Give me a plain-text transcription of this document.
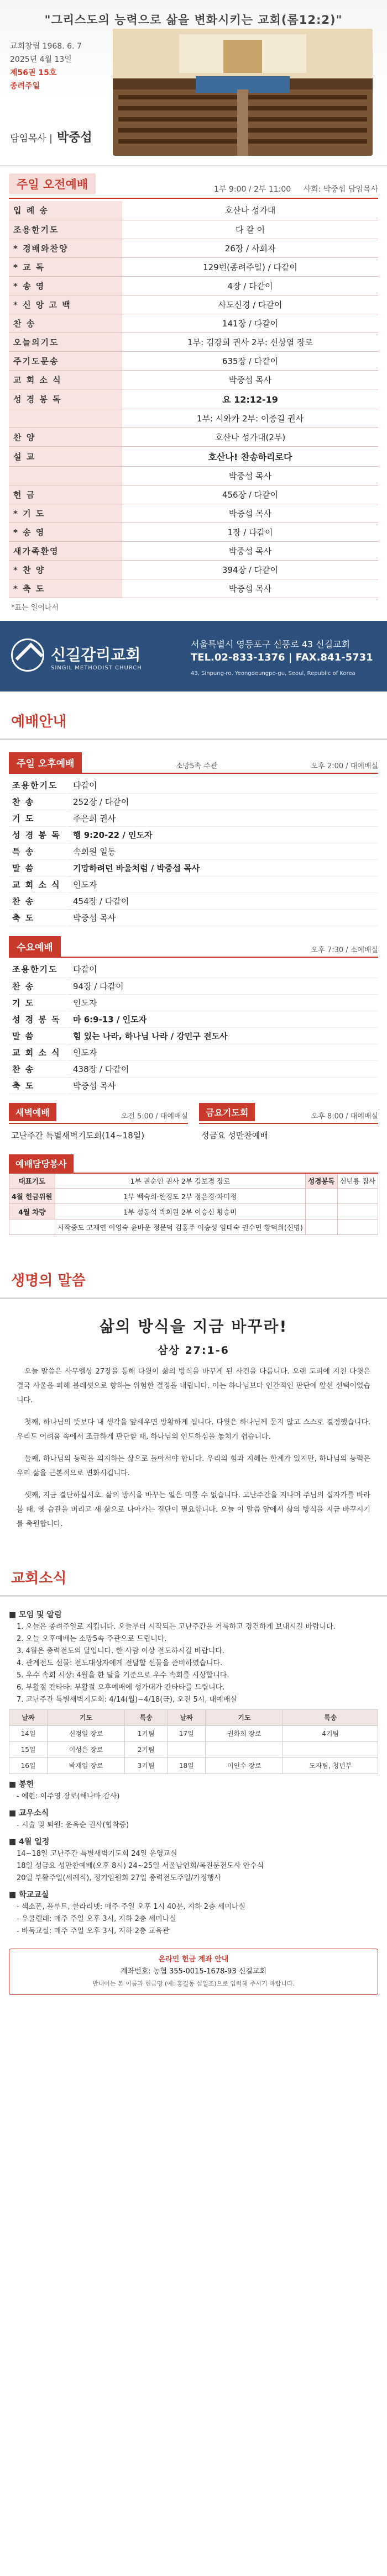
"그리스도의 능력으로 삶을 변화시키는 교회(롬12:2)"
교회창립 1968. 6. 7
2025년 4월 13일
제56권 15호
종려주일
담임목사 | 박중섭
주일 오전예배	1부 9:00 / 2부 11:00 사회: 박중섭 담임목사
입 례 송	호산나 성가대
조용한기도	다 같 이
* 경배와찬양	26장 / 사회자
* 교 독	129번(종려주일) / 다같이
* 송 영	4장 / 다같이
* 신 앙 고 백	사도신경 / 다같이
찬 송	141장 / 다같이
오늘의기도	1부: 김강희 권사 2부: 신상열 장로
주기도문송	635장 / 다같이
교 회 소 식	박중섭 목사
성 경 봉 독	요 12:12-19
	1부: 시와카 2부: 이종길 권사
찬 양	호산나 성가대(2부)
설 교	호산나! 찬송하리로다
	박중섭 목사
헌 금	456장 / 다같이
* 기 도	박중섭 목사
* 송 영	1장 / 다같이
새가족환영	박중섭 목사
* 찬 양	394장 / 다같이
* 축 도	박중섭 목사
*표는 일어나서
신길감리교회
SINGIL METHODIST CHURCH
서울특별시 영등포구 신풍로 43 신길교회
TEL.02-833-1376 | FAX.841-5731
43, Sinpung-ro, Yeongdeungpo-gu, Seoul, Republic of Korea
예배안내
주일 오후예배	소망5속 주관	오후 2:00 / 대예배실
조용한기도	다같이
찬 송	252장 / 다같이
기 도	주은희 권사
성 경 봉 독	행 9:20-22 / 인도자
특 송	속회원 일동
말 씀	기망하려던 바울처럼 / 박중섭 목사
교 회 소 식	인도자
찬 송	454장 / 다같이
축 도	박중섭 목사
수요예배	오후 7:30 / 소예배실
조용한기도	다같이
찬 송	94장 / 다같이
기 도	인도자
성 경 봉 독	마 6:9-13 / 인도자
말 씀	힘 있는 나라, 하나님 나라 / 강민구 전도사
교 회 소 식	인도자
찬 송	438장 / 다같이
축 도	박중섭 목사
새벽예배	오전 5:00 / 대예배실
고난주간 특별새벽기도회(14~18일)
금요기도회	오후 8:00 / 대예배실
성금요 성만찬예배
예배담당봉사
대표기도	1부 권순인 권사 2부 김보경 장로	성경봉독	신년룡 집사
4월 헌금위원	1부 백숙희·한경도 2부 정은경·차미정		
4월 차량	1부 성동석 박희원 2부 이승신 황승미		
	시작중도 고재연 이영숙 윤바운 정문덕 김홍주 이승성 임태숙 권수민 황덕희(신명)		
생명의 말씀
삶의 방식을 지금 바꾸라!
삼상 27:1-6

오늘 말씀은 사무엘상 27장을 통해 다윗이 삶의 방식을 바꾸게 된 사건을 다룹니다. 오랜 도피에 지친 다윗은 결국 사울을 피해 블레셋으로 향하는 위험한 결정을 내립니다. 이는 하나님보다 인간적인 판단에 앞선 선택이었습니다.

첫째, 하나님의 뜻보다 내 생각을 앞세우면 방황하게 됩니다. 다윗은 하나님께 묻지 않고 스스로 결정했습니다. 우리도 어려움 속에서 조급하게 판단할 때, 하나님의 인도하심을 놓치기 쉽습니다.

둘째, 하나님의 능력을 의지하는 삶으로 돌아서야 합니다. 우리의 힘과 지혜는 한계가 있지만, 하나님의 능력은 우리 삶을 근본적으로 변화시킵니다.

셋째, 지금 결단하십시오. 삶의 방식을 바꾸는 일은 미룰 수 없습니다. 고난주간을 지나며 주님의 십자가를 바라볼 때, 옛 습관을 버리고 새 삶으로 나아가는 결단이 필요합니다. 오늘 이 말씀 앞에서 삶의 방식을 지금 바꾸시기를 축원합니다.

교회소식
■ 모임 및 알림
1. 오늘은 종려주일로 지킵니다. 오늘부터 시작되는 고난주간을 거룩하고 경건하게 보내시길 바랍니다.
2. 오늘 오후예배는 소망5속 주관으로 드립니다.
3. 4월은 총력전도의 달입니다. 한 사람 이상 전도하시길 바랍니다.
4. 관계전도 선물: 전도대상자에게 전달할 선물을 준비하였습니다.
5. 우수 속회 시상: 4월을 한 달을 기준으로 우수 속회를 시상합니다.
6. 부활절 칸타타: 부활절 오후예배에 성가대가 칸타타를 드립니다.
7. 고난주간 특별새벽기도회: 4/14(월)~4/18(금), 오전 5시, 대예배실
날짜	기도	특송	날짜	기도	특송
14일	신정일 장로	1기팀	17일	권화희 장로	4기팀
15일	이성은 장로	2기팀			
16일	박재일 장로	3기팀	18일	이인수 장로	도자팀, 청년부
■ 봉헌
- 예헌: 이주영 장로(해나바 감사)
■ 교우소식
- 시술 및 퇴원: 윤옥순 권사(협착증)
■ 4월 일정
14~18일 고난주간 특별새벽기도회 24일 운영교실
18일 성금요 성만찬예배(오후 8시) 24~25일 서울남연회/목진문전도사 안수식
20일 부활주일(세례식), 정기임원회 27일 총력전도주일/가정행사
■ 학교교실
- 색소폰, 플루트, 클라리넷: 매주 주일 오후 1시 40분, 지하 2층 세미나실
- 우쿨렐레: 매주 주일 오후 3시, 지하 2층 세미나실
- 바둑교실: 매주 주일 오후 3시, 지하 2층 교육관
온라인 헌금 계좌 안내
계좌번호: 농협 355-0015-1678-93 신길교회
반내어는 본 이름과 헌금명 (예: 홍길동 십일조)으로 입력해 주시기 바랍니다.
